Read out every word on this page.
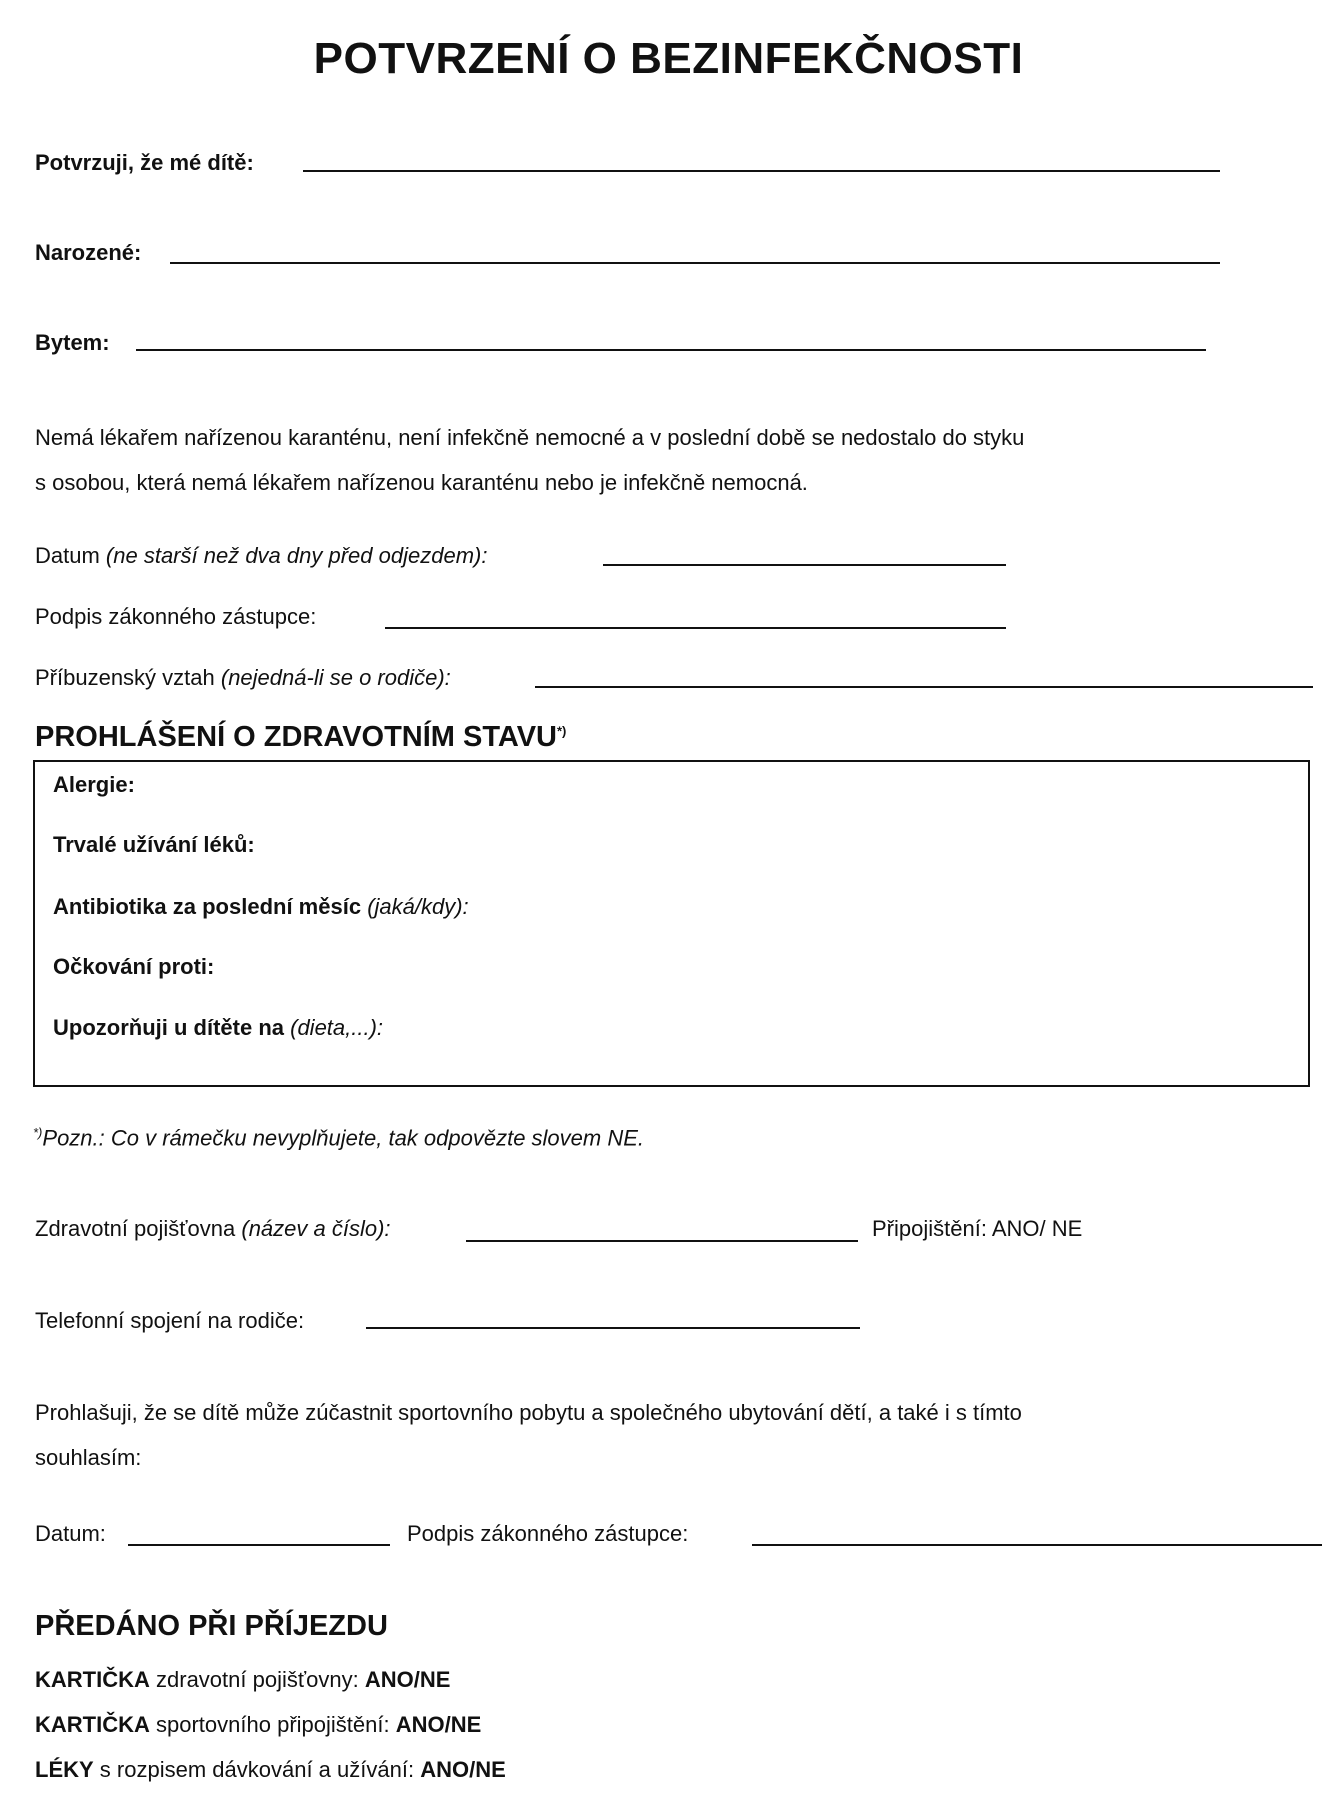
POTVRZENÍ O BEZINFEKČNOSTI
Potvrzuji, že mé dítě:
Narozené:
Bytem:
Nemá lékařem nařízenou karanténu, není infekčně nemocné a v poslední době se nedostalo do styku
s osobou, která nemá lékařem nařízenou karanténu nebo je infekčně nemocná.
Datum (ne starší než dva dny před odjezdem):
Podpis zákonného zástupce:
Příbuzenský vztah (nejedná-li se o rodiče):
PROHLÁŠENÍ O ZDRAVOTNÍM STAVU*)
Alergie:
Trvalé užívání léků:
Antibiotika za poslední měsíc (jaká/kdy):
Očkování proti:
Upozorňuji u dítěte na (dieta,...):
*)Pozn.: Co v rámečku nevyplňujete, tak odpovězte slovem NE.
Zdravotní pojišťovna (název a číslo):	Připojištění: ANO/ NE
Telefonní spojení na rodiče:
Prohlašuji, že se dítě může zúčastnit sportovního pobytu a společného ubytování dětí, a také i s tímto
souhlasím:
Datum:	Podpis zákonného zástupce:
PŘEDÁNO PŘI PŘÍJEZDU
KARTIČKA zdravotní pojišťovny: ANO/NE
KARTIČKA sportovního připojištění: ANO/NE
LÉKY s rozpisem dávkování a užívání: ANO/NE
